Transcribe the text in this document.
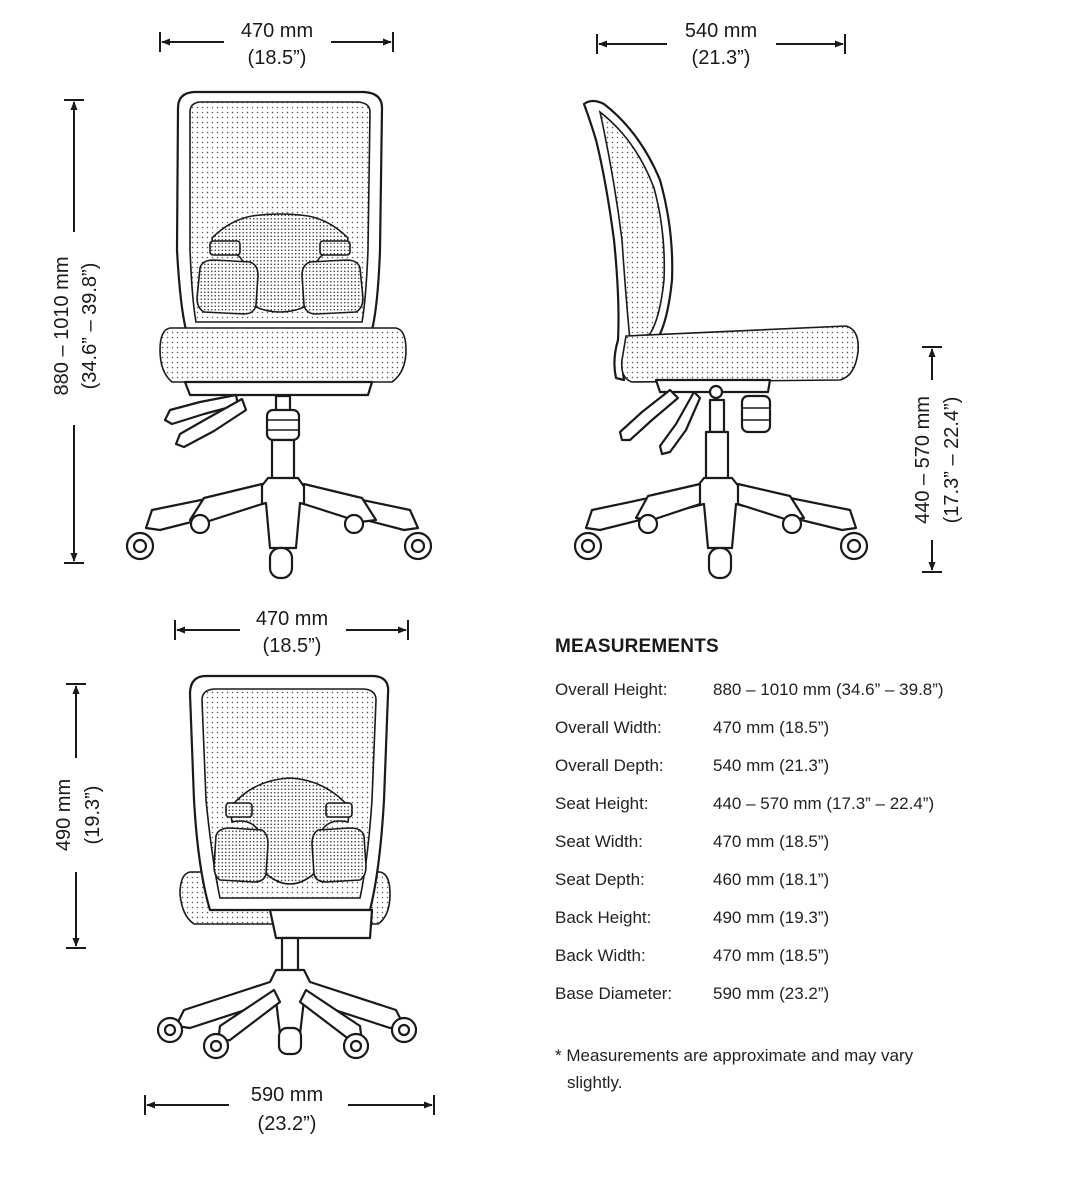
470 mm
(18.5”)
540 mm
(21.3”)
880 – 1010 mm (34.6” – 39.8”)
440 – 570 mm (17.3” – 22.4”)
470 mm
(18.5”)
490 mm (19.3”)
590 mm
(23.2”)
MEASUREMENTS
Overall Height:	880 – 1010 mm (34.6” – 39.8”)
Overall Width:	470 mm (18.5”)
Overall Depth:	540 mm (21.3”)
Seat Height:	440 – 570 mm (17.3” – 22.4”)
Seat Width:	470 mm (18.5”)
Seat Depth:	460 mm (18.1”)
Back Height:	490 mm (19.3”)
Back Width:	470 mm (18.5”)
Base Diameter:	590 mm (23.2”)
* Measurements are approximate and may vary
slightly.
